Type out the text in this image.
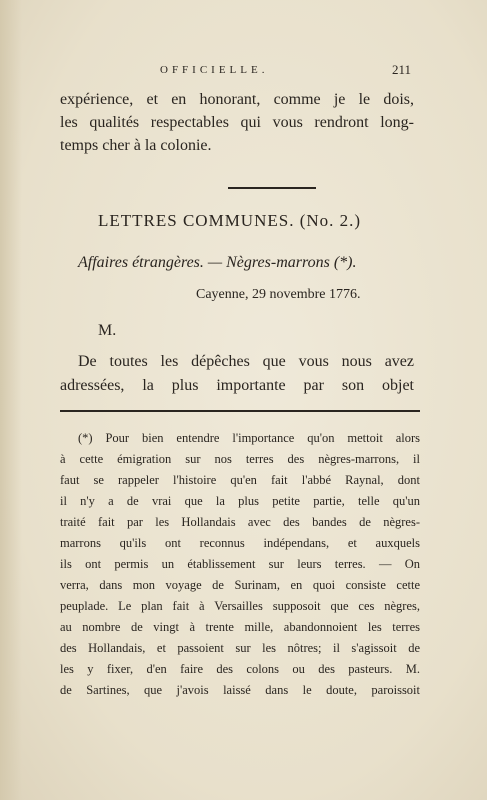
OFFICIELLE.	211
expérience, et en honorant, comme je le dois,
les qualités respectables qui vous rendront long-
temps cher à la colonie.
LETTRES COMMUNES. (No. 2.)
Affaires étrangères. — Nègres-marrons (*).
Cayenne, 29 novembre 1776.
M.
De toutes les dépêches que vous nous avez
adressées, la plus importante par son objet
(*) Pour bien entendre l'importance qu'on mettoit alors
à cette émigration sur nos terres des nègres-marrons, il
faut se rappeler l'histoire qu'en fait l'abbé Raynal, dont
il n'y a de vrai que la plus petite partie, telle qu'un
traité fait par les Hollandais avec des bandes de nègres-
marrons qu'ils ont reconnus indépendans, et auxquels
ils ont permis un établissement sur leurs terres. — On
verra, dans mon voyage de Surinam, en quoi consiste cette
peuplade. Le plan fait à Versailles supposoit que ces nègres,
au nombre de vingt à trente mille, abandonnoient les terres
des Hollandais, et passoient sur les nôtres; il s'agissoit de
les y fixer, d'en faire des colons ou des pasteurs. M.
de Sartines, que j'avois laissé dans le doute, paroissoit
